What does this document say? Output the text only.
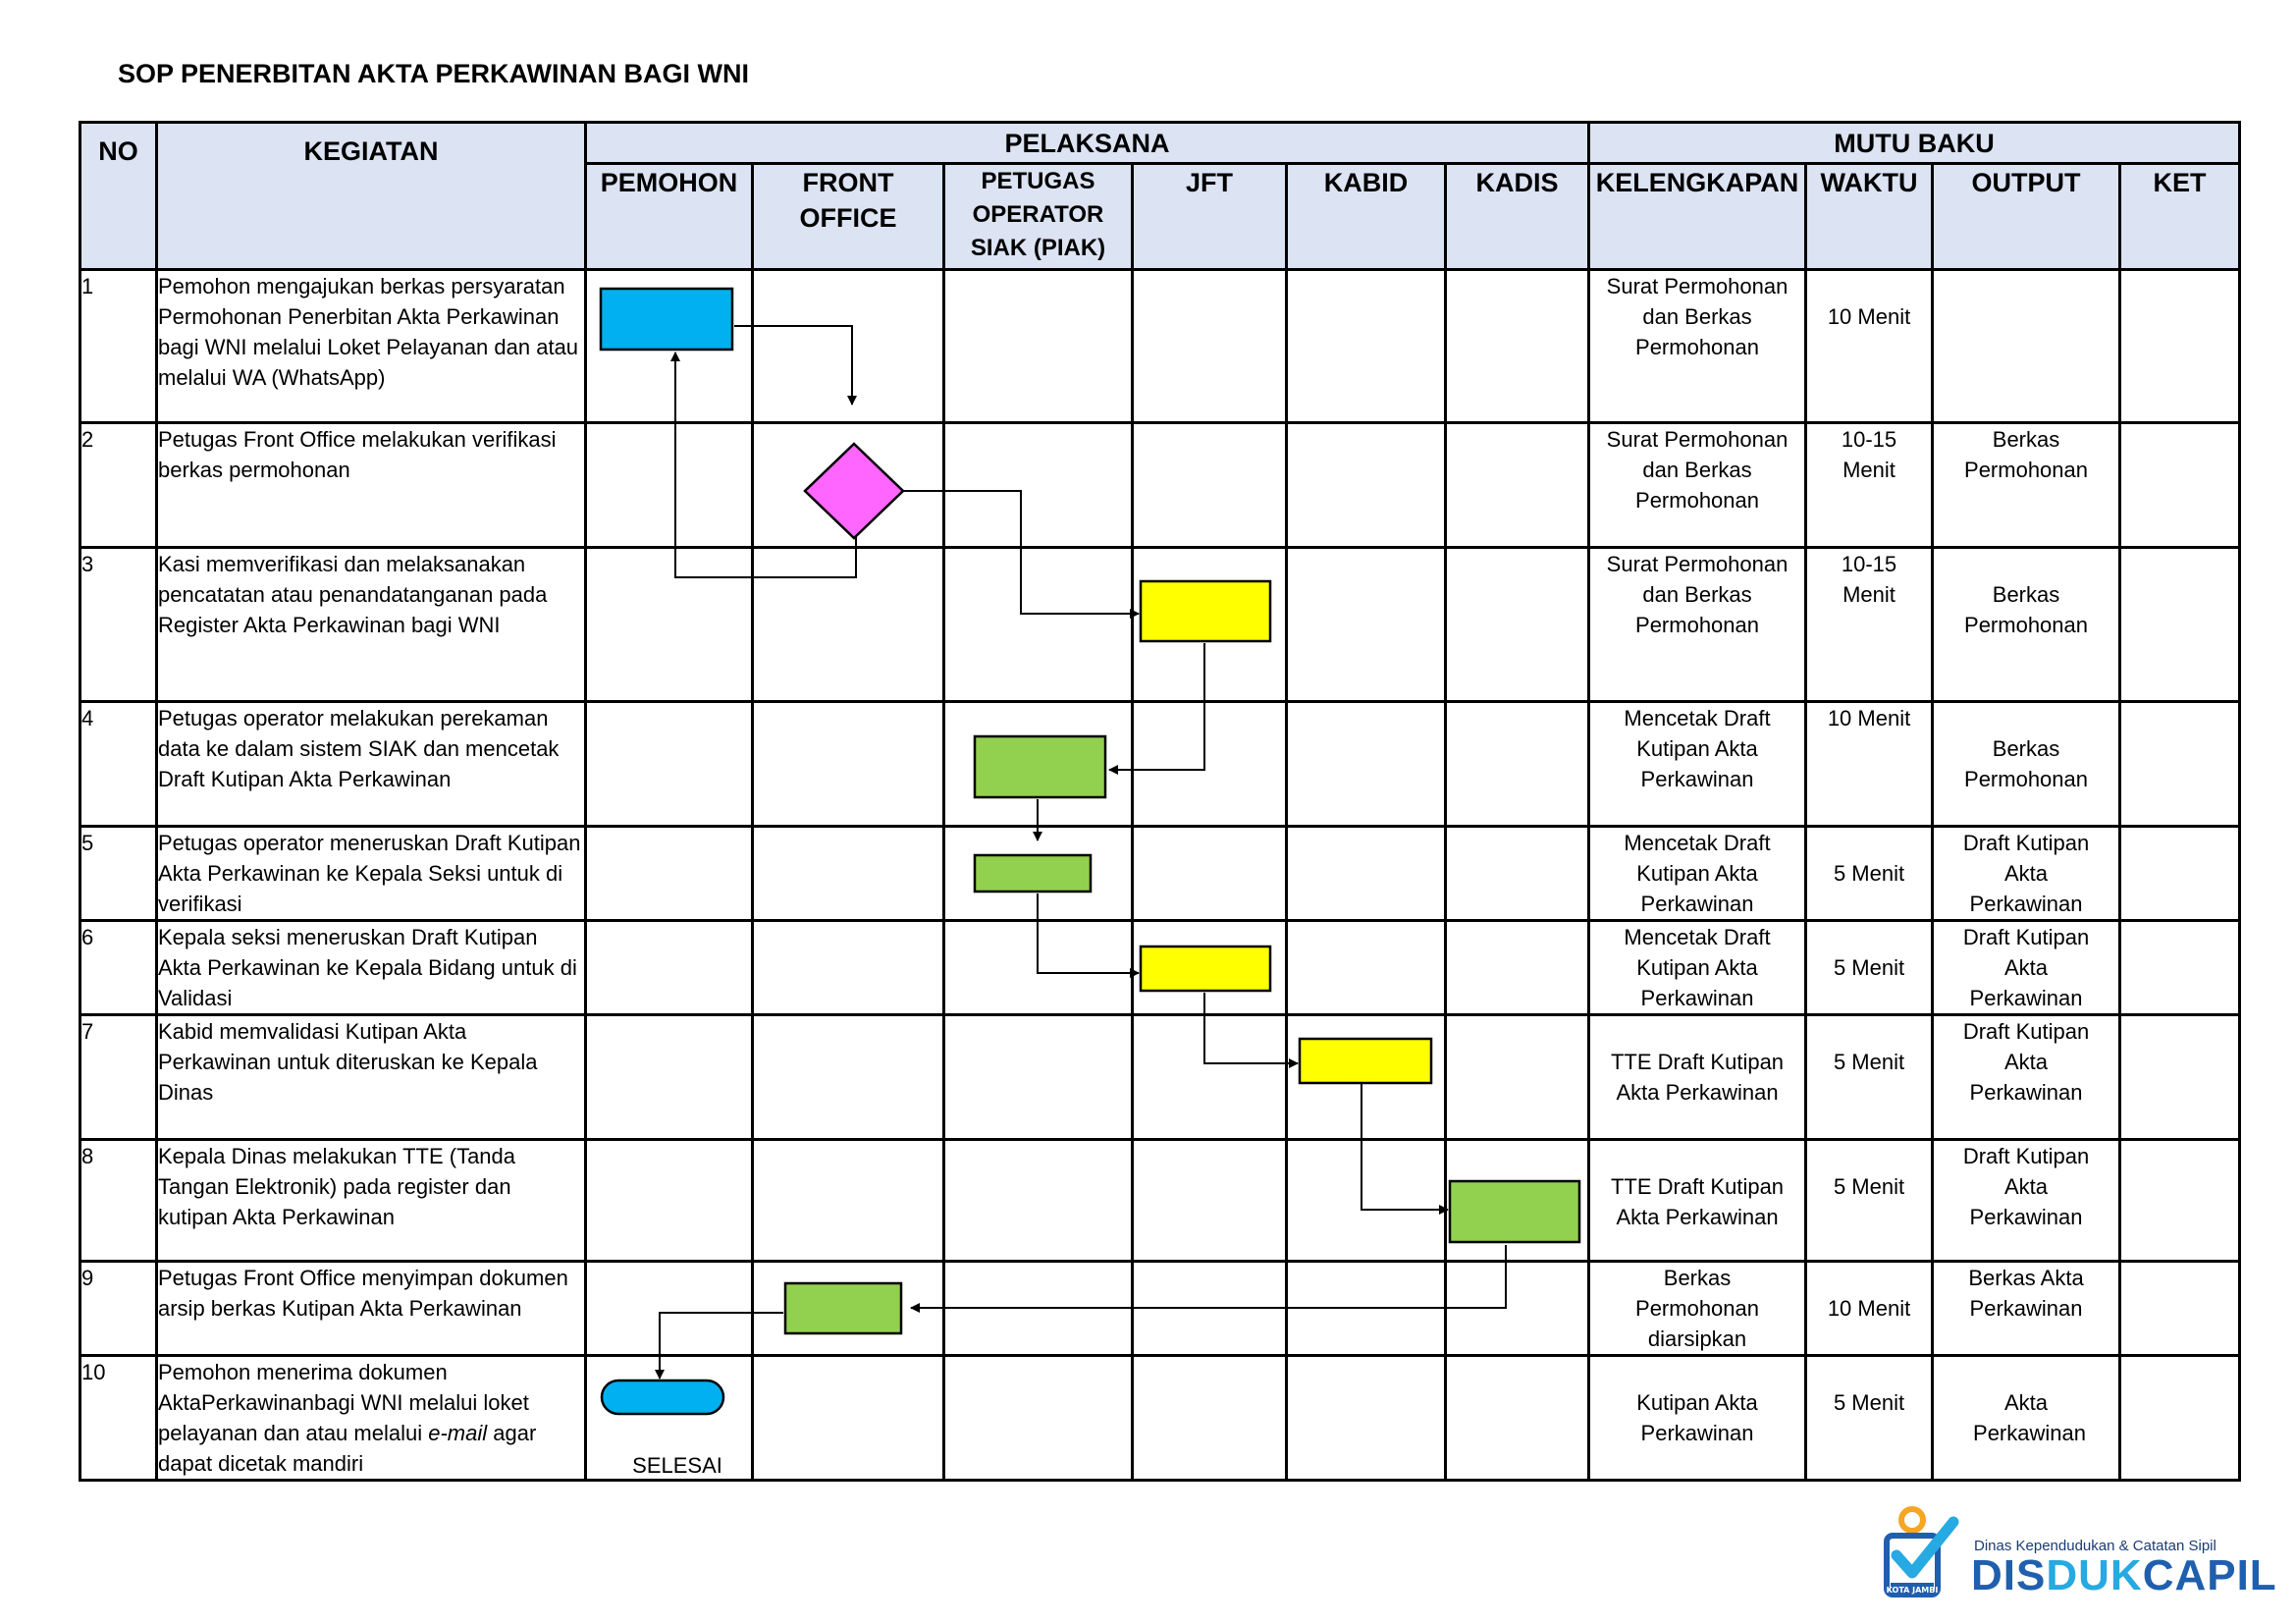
SOP PENERBITAN AKTA PERKAWINAN BAGI WNI
NO	KEGIATAN	PELAKSANA						MUTU BAKU			
		PEMOHON	FRONT OFFICE	PETUGAS OPERATOR SIAK (PIAK)	JFT	KABID	KADIS	KELENGKAPAN	WAKTU	OUTPUT	KET
1	Pemohon mengajukan berkas persyaratan Permohonan Penerbitan Akta Perkawinan bagi WNI melalui Loket Pelayanan dan atau melalui WA (WhatsApp)							Surat Permohonan dan Berkas Permohonan	10 Menit		

2	Petugas Front Office melakukan verifikasi berkas permohonan							Surat Permohonan dan Berkas Permohonan	10-15 Menit	Berkas Permohonan	
3	Kasi memverifikasi dan melaksanakan pencatatan atau penandatanganan pada Register Akta Perkawinan bagi WNI							Surat Permohonan dan Berkas Permohonan	10-15 Menit	Berkas Permohonan	

4	Petugas operator melakukan perekaman data ke dalam sistem SIAK dan mencetak Draft Kutipan Akta Perkawinan							Mencetak Draft Kutipan Akta Perkawinan	10 Menit	Berkas Permohonan	

5	Petugas operator meneruskan Draft Kutipan Akta Perkawinan ke Kepala Seksi untuk di verifikasi							Mencetak Draft Kutipan Akta Perkawinan	5 Menit	Draft Kutipan Akta Perkawinan	
6	Kepala seksi meneruskan Draft Kutipan Akta Perkawinan ke Kepala Bidang untuk di Validasi							Mencetak Draft Kutipan Akta Perkawinan	5 Menit	Draft Kutipan Akta Perkawinan	
7	Kabid memvalidasi Kutipan Akta Perkawinan untuk diteruskan ke Kepala Dinas							TTE Draft Kutipan Akta Perkawinan	5 Menit	Draft Kutipan Akta Perkawinan	
8	Kepala Dinas melakukan TTE (Tanda Tangan Elektronik) pada register dan kutipan Akta Perkawinan							TTE Draft Kutipan Akta Perkawinan	5 Menit	Draft Kutipan Akta Perkawinan	
9	Petugas Front Office menyimpan dokumen arsip berkas Kutipan Akta Perkawinan							Berkas Permohonan diarsipkan	10 Menit	Berkas Akta Perkawinan	
10	Pemohon menerima dokumen AktaPerkawinanbagi WNI melalui loket pelayanan dan atau melalui e-mail agar dapat dicetak mandiri							Kutipan Akta Perkawinan	5 Menit	Akta Perkawinan	

SELESAI
KOTA JAMBI
Dinas Kependudukan & Catatan Sipil
DISDUKCAPIL
